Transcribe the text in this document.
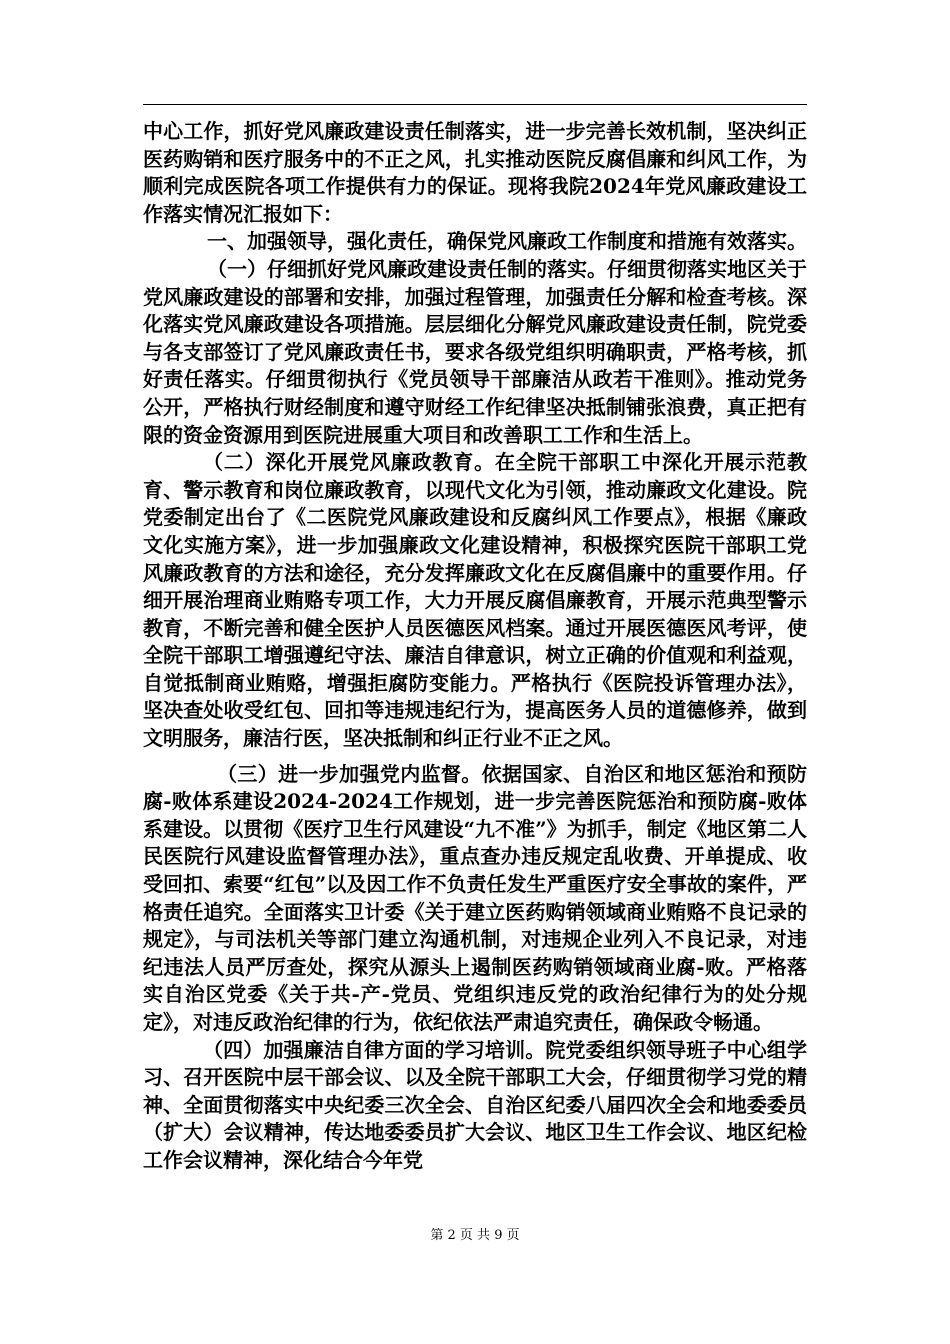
中心工作，抓好党风廉政建设责任制落实，进一步完善长效机制，坚决纠正医药购销和医疗服务中的不正之风，扎实推动医院反腐倡廉和纠风工作，为顺利完成医院各项工作提供有力的保证。现将我院2024年党风廉政建设工作落实情况汇报如下：

一、加强领导，强化责任，确保党风廉政工作制度和措施有效落实。

（一）仔细抓好党风廉政建设责任制的落实。仔细贯彻落实地区关于党风廉政建设的部署和安排，加强过程管理，加强责任分解和检查考核。深化落实党风廉政建设各项措施。层层细化分解党风廉政建设责任制，院党委与各支部签订了党风廉政责任书，要求各级党组织明确职责，严格考核，抓好责任落实。仔细贯彻执行《党员领导干部廉洁从政若干准则》。推动党务公开，严格执行财经制度和遵守财经工作纪律坚决抵制铺张浪费，真正把有限的资金资源用到医院进展重大项目和改善职工工作和生活上。

（二）深化开展党风廉政教育。在全院干部职工中深化开展示范教育、警示教育和岗位廉政教育，以现代文化为引领，推动廉政文化建设。院党委制定出台了《二医院党风廉政建设和反腐纠风工作要点》，根据《廉政文化实施方案》，进一步加强廉政文化建设精神，积极探究医院干部职工党风廉政教育的方法和途径，充分发挥廉政文化在反腐倡廉中的重要作用。仔细开展治理商业贿赂专项工作，大力开展反腐倡廉教育，开展示范典型警示教育，不断完善和健全医护人员医德医风档案。通过开展医德医风考评，使全院干部职工增强遵纪守法、廉洁自律意识，树立正确的价值观和利益观，自觉抵制商业贿赂，增强拒腐防变能力。严格执行《医院投诉管理办法》，坚决查处收受红包、回扣等违规违纪行为，提高医务人员的道德修养，做到文明服务，廉洁行医，坚决抵制和纠正行业不正之风。

（三）进一步加强党内监督。依据国家、自治区和地区惩治和预防腐-败体系建设2024-2024工作规划，进一步完善医院惩治和预防腐-败体系建设。以贯彻《医疗卫生行风建设“九不准”》为抓手，制定《地区第二人民医院行风建设监督管理办法》，重点查办违反规定乱收费、开单提成、收受回扣、索要“红包”以及因工作不负责任发生严重医疗安全事故的案件，严格责任追究。全面落实卫计委《关于建立医药购销领域商业贿赂不良记录的规定》，与司法机关等部门建立沟通机制，对违规企业列入不良记录，对违纪违法人员严厉查处，探究从源头上遏制医药购销领域商业腐-败。严格落实自治区党委《关于共-产-党员、党组织违反党的政治纪律行为的处分规定》，对违反政治纪律的行为，依纪依法严肃追究责任，确保政令畅通。

（四）加强廉洁自律方面的学习培训。院党委组织领导班子中心组学习、召开医院中层干部会议、以及全院干部职工大会，仔细贯彻学习党的精神、全面贯彻落实中央纪委三次全会、自治区纪委八届四次全会和地委委员（扩大）会议精神，传达地委委员扩大会议、地区卫生工作会议、地区纪检工作会议精神，深化结合今年党

第 2 页 共 9 页
